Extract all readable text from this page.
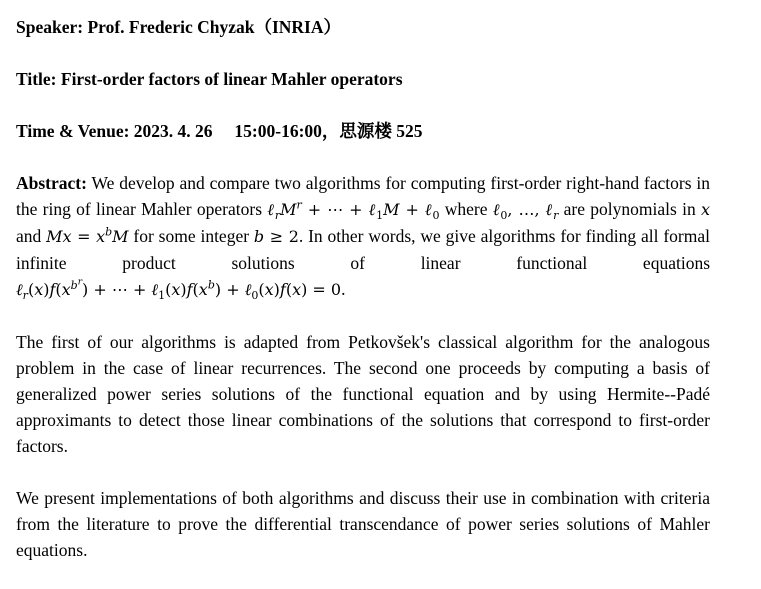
Speaker: Prof. Frederic Chyzak（INRIA）
Title: First-order factors of linear Mahler operators
Time & Venue: 2023. 4. 26　 15:00-16:00，思源楼 525

Abstract: We develop and compare two algorithms for computing first-order right-hand factors in the ring of linear Mahler operators $\ell_rM^r$ + ⋯ + ℓ$_1$M + ℓ$_0$ where ℓ$_0$, …, ℓ$_r$ are polynomials in x and $Mx = x^bM$ for some integer b ≥ 2. In other words, we give algorithms for finding all formal infinite product solutions of linear functional equations $\ell_r(x)f(x^{b^r})$ + ⋯ + $\ell_1(x)f(x^b)$ + ℓ$_0$(x)f(x) = 0.

The first of our algorithms is adapted from Petkovšek's classical algorithm for the analogous problem in the case of linear recurrences. The second one proceeds by computing a basis of generalized power series solutions of the functional equation and by using Hermite--Padé approximants to detect those linear combinations of the solutions that correspond to first-order factors.

We present implementations of both algorithms and discuss their use in combination with criteria from the literature to prove the differential transcendance of power series solutions of Mahler equations.
